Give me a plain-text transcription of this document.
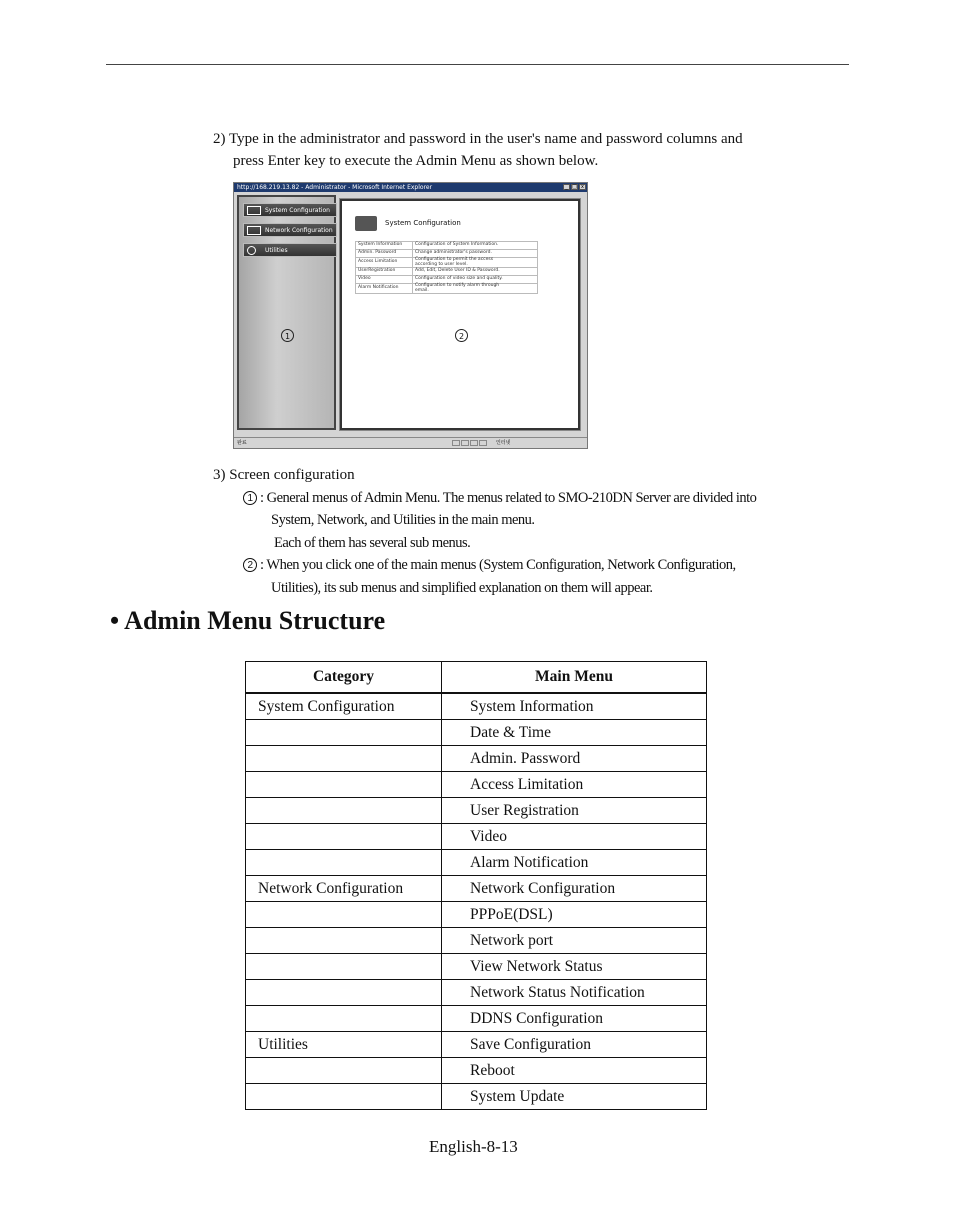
2) Type in the administrator and password in the user's name and password columns and
press Enter key to execute the Admin Menu as shown below.
http://168.219.13.82 - Administrator - Microsoft Internet Explorer	_ □ x
System Configuration
Network Configuration
Utilities
1
System Configuration
System Information	Configuration of System Information.
Admin. Password	Change administrator's password.
Access Limitation	Configuration to permit the access
according to user level.

UserRegistration	Add, Edit, Delete User ID & Password.
Video	Configuration of video size and quality.
Alarm Notification	Configuration to notify alarm through
email.
2
완료	인터넷
3) Screen configuration
1 : General menus of Admin Menu. The menus related to SMO-210DN Server are divided into
System, Network, and Utilities in the main menu.
Each of them has several sub menus.
2 : When you click one of the main menus (System Configuration, Network Configuration,
Utilities), its sub menus and simplified explanation on them will appear.
• Admin Menu Structure
Category	Main Menu
System Configuration	System Information
	Date & Time
	Admin. Password
	Access Limitation
	User Registration
	Video
	Alarm Notification
Network Configuration	Network Configuration
	PPPoE(DSL)
	Network port
	View Network Status
	Network Status Notification
	DDNS Configuration
Utilities	Save Configuration
	Reboot
	System Update
English-8-13
